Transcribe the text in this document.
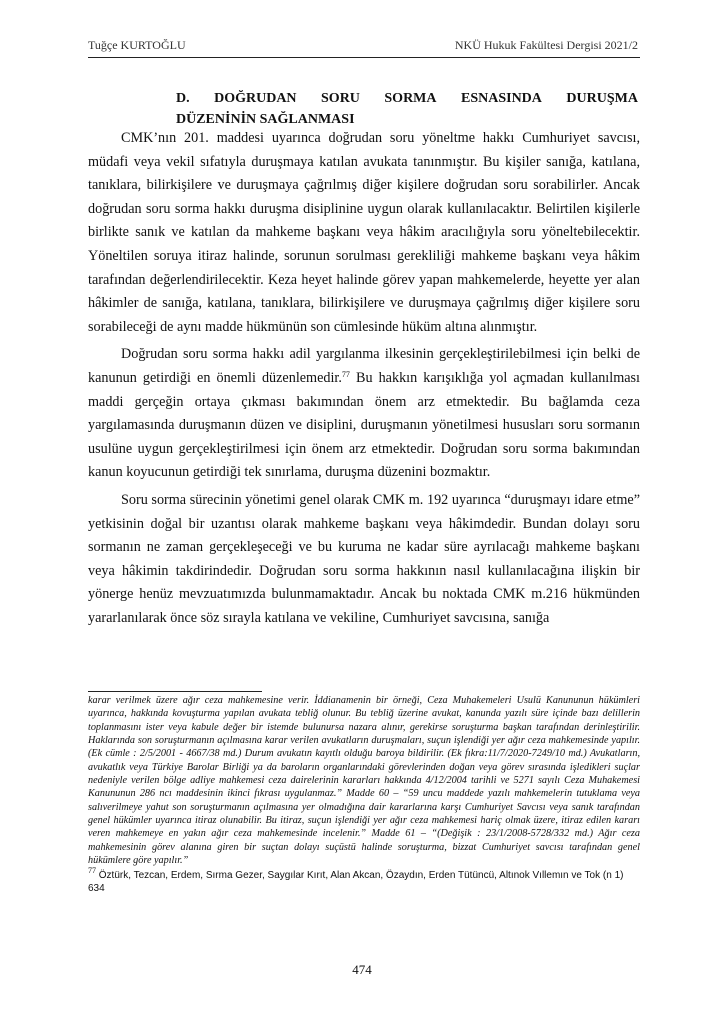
Tuğçe KURTOĞLU	NKÜ Hukuk Fakültesi Dergisi 2021/2
D. DOĞRUDAN SORU SORMA ESNASINDA DURUŞMA
DÜZENİNİN SAĞLANMASI

CMK’nın 201. maddesi uyarınca doğrudan soru yöneltme hakkı Cumhuriyet savcısı, müdafi veya vekil sıfatıyla duruşmaya katılan avukata tanınmıştır. Bu kişiler sanığa, katılana, tanıklara, bilirkişilere ve duruşmaya çağrılmış diğer kişilere doğrudan soru sorabilirler. Ancak doğrudan soru sorma hakkı duruşma disiplinine uygun olarak kullanılacaktır. Belirtilen kişilerle birlikte sanık ve katılan da mahkeme başkanı veya hâkim aracılığıyla soru yöneltebilecektir. Yöneltilen soruya itiraz halinde, sorunun sorulması gerekliliği mahkeme başkanı veya hâkim tarafından değerlendirilecektir. Keza heyet halinde görev yapan mahkemelerde, heyette yer alan hâkimler de sanığa, katılana, tanıklara, bilirkişilere ve duruşmaya çağrılmış diğer kişilere soru sorabileceği de aynı madde hükmünün son cümlesinde hüküm altına alınmıştır.

Doğrudan soru sorma hakkı adil yargılanma ilkesinin gerçekleştirilebilmesi için belki de kanunun getirdiği en önemli düzenlemedir.$^{77}$ Bu hakkın karışıklığa yol açmadan kullanılması maddi gerçeğin ortaya çıkması bakımından önem arz etmektedir. Bu bağlamda ceza yargılamasında duruşmanın düzen ve disiplini, duruşmanın yönetilmesi hususları soru sormanın usulüne uygun gerçekleştirilmesi için önem arz etmektedir. Doğrudan soru sorma bakımından kanun koyucunun getirdiği tek sınırlama, duruşma düzenini bozmaktır.

Soru sorma sürecinin yönetimi genel olarak CMK m. 192 uyarınca “duruşmayı idare etme” yetkisinin doğal bir uzantısı olarak mahkeme başkanı veya hâkimdedir. Bundan dolayı soru sormanın ne zaman gerçekleşeceği ve bu kuruma ne kadar süre ayrılacağı mahkeme başkanı veya hâkimin takdirindedir. Doğrudan soru sorma hakkının nasıl kullanılacağına ilişkin bir yönerge henüz mevzuatımızda bulunmamaktadır. Ancak bu noktada CMK m.216 hükmünden yararlanılarak önce söz sırayla katılana ve vekiline, Cumhuriyet savcısına, sanığa

karar verilmek üzere ağır ceza mahkemesine verir. İddianamenin bir örneği, Ceza Muhakemeleri Usulü Kanununun hükümleri uyarınca, hakkında kovuşturma yapılan avukata tebliğ olunur. Bu tebliğ üzerine avukat, kanunda yazılı süre içinde bazı delillerin toplanmasını ister veya kabule değer bir istemde bulunursa nazara alınır, gerekirse soruşturma başkan tarafından derinleştirilir. Haklarında son soruşturmanın açılmasına karar verilen avukatların duruşmaları, suçun işlendiği yer ağır ceza mahkemesinde yapılır. (Ek cümle : 2/5/2001 - 4667/38 md.) Durum avukatın kayıtlı olduğu baroya bildirilir. (Ek fıkra:11/7/2020-7249/10 md.) Avukatların, avukatlık veya Türkiye Barolar Birliği ya da baroların organlarındaki görevlerinden doğan veya görev sırasında işledikleri suçlar nedeniyle verilen bölge adliye mahkemesi ceza dairelerinin kararları hakkında 4/12/2004 tarihli ve 5271 sayılı Ceza Muhakemesi Kanununun 286 ncı maddesinin ikinci fıkrası uygulanmaz.” Madde 60 – “59 uncu maddede yazılı mahkemelerin tutuklama veya salıverilmeye yahut son soruşturmanın açılmasına yer olmadığına dair kararlarına karşı Cumhuriyet Savcısı veya sanık tarafından genel hükümler uyarınca itiraz olunabilir. Bu itiraz, suçun işlendiği yer ağır ceza mahkemesi hariç olmak üzere, itiraz edilen kararı veren mahkemeye en yakın ağır ceza mahkemesinde incelenir.” Madde 61 – “(Değişik : 23/1/2008-5728/332 md.) Ağır ceza mahkemesinin görev alanına giren bir suçtan dolayı suçüstü halinde soruşturma, bizzat Cumhuriyet savcısı tarafından genel hükümlere göre yapılır.”

$^{77}$ Öztürk, Tezcan, Erdem, Sırma Gezer, Saygılar Kırıt, Alan Akcan, Özaydın, Erden Tütüncü, Altınok Vıllemın ve Tok (n 1) 634

474
